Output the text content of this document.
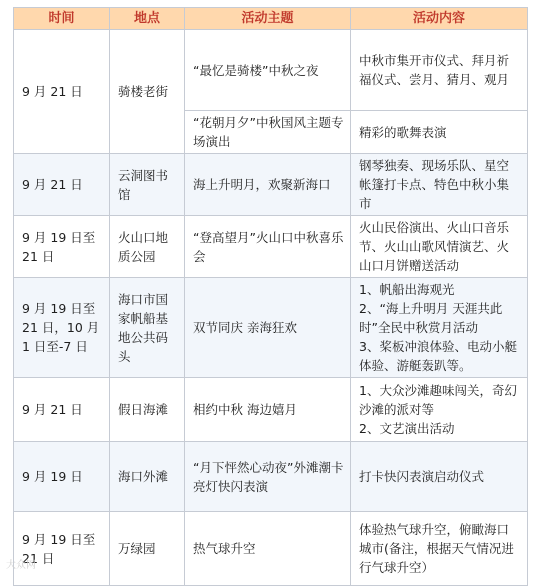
时间	地点	活动主题	活动内容
9 月 21 日	骑楼老街	“最忆是骑楼”中秋之夜	中秋市集开市仪式、拜月祈福仪式、尝月、猜月、观月
		“花朝月夕”中秋国风主题专场演出	精彩的歌舞表演
9 月 21 日	云洞图书馆	海上升明月，欢聚新海口	钢琴独奏、现场乐队、星空帐篷打卡点、特色中秋小集市
9 月 19 日至 21 日	火山口地质公园	“登高望月”火山口中秋喜乐会	火山民俗演出、火山口音乐节、火山山歌风情演艺、火山口月饼赠送活动
9 月 19 日至 21 日，10 月 1 日至-7 日	海口市国家帆船基地公共码头	双节同庆 亲海狂欢	1、帆船出海观光
2、“海上升明月 天涯共此时”全民中秋赏月活动
3、桨板冲浪体验、电动小艇体验、游艇轰趴等。
9 月 21 日	假日海滩	相约中秋 海边嬉月	1、大众沙滩趣味闯关，奇幻沙滩的派对等
2、文艺演出活动
9 月 19 日	海口外滩	“月下怦然心动夜”外滩潮卡亮灯快闪表演	打卡快闪表演启动仪式
9 月 19 日至 21 日	万绿园	热气球升空	体验热气球升空，俯瞰海口城市(备注，根据天气情况进行气球升空）
大众网
